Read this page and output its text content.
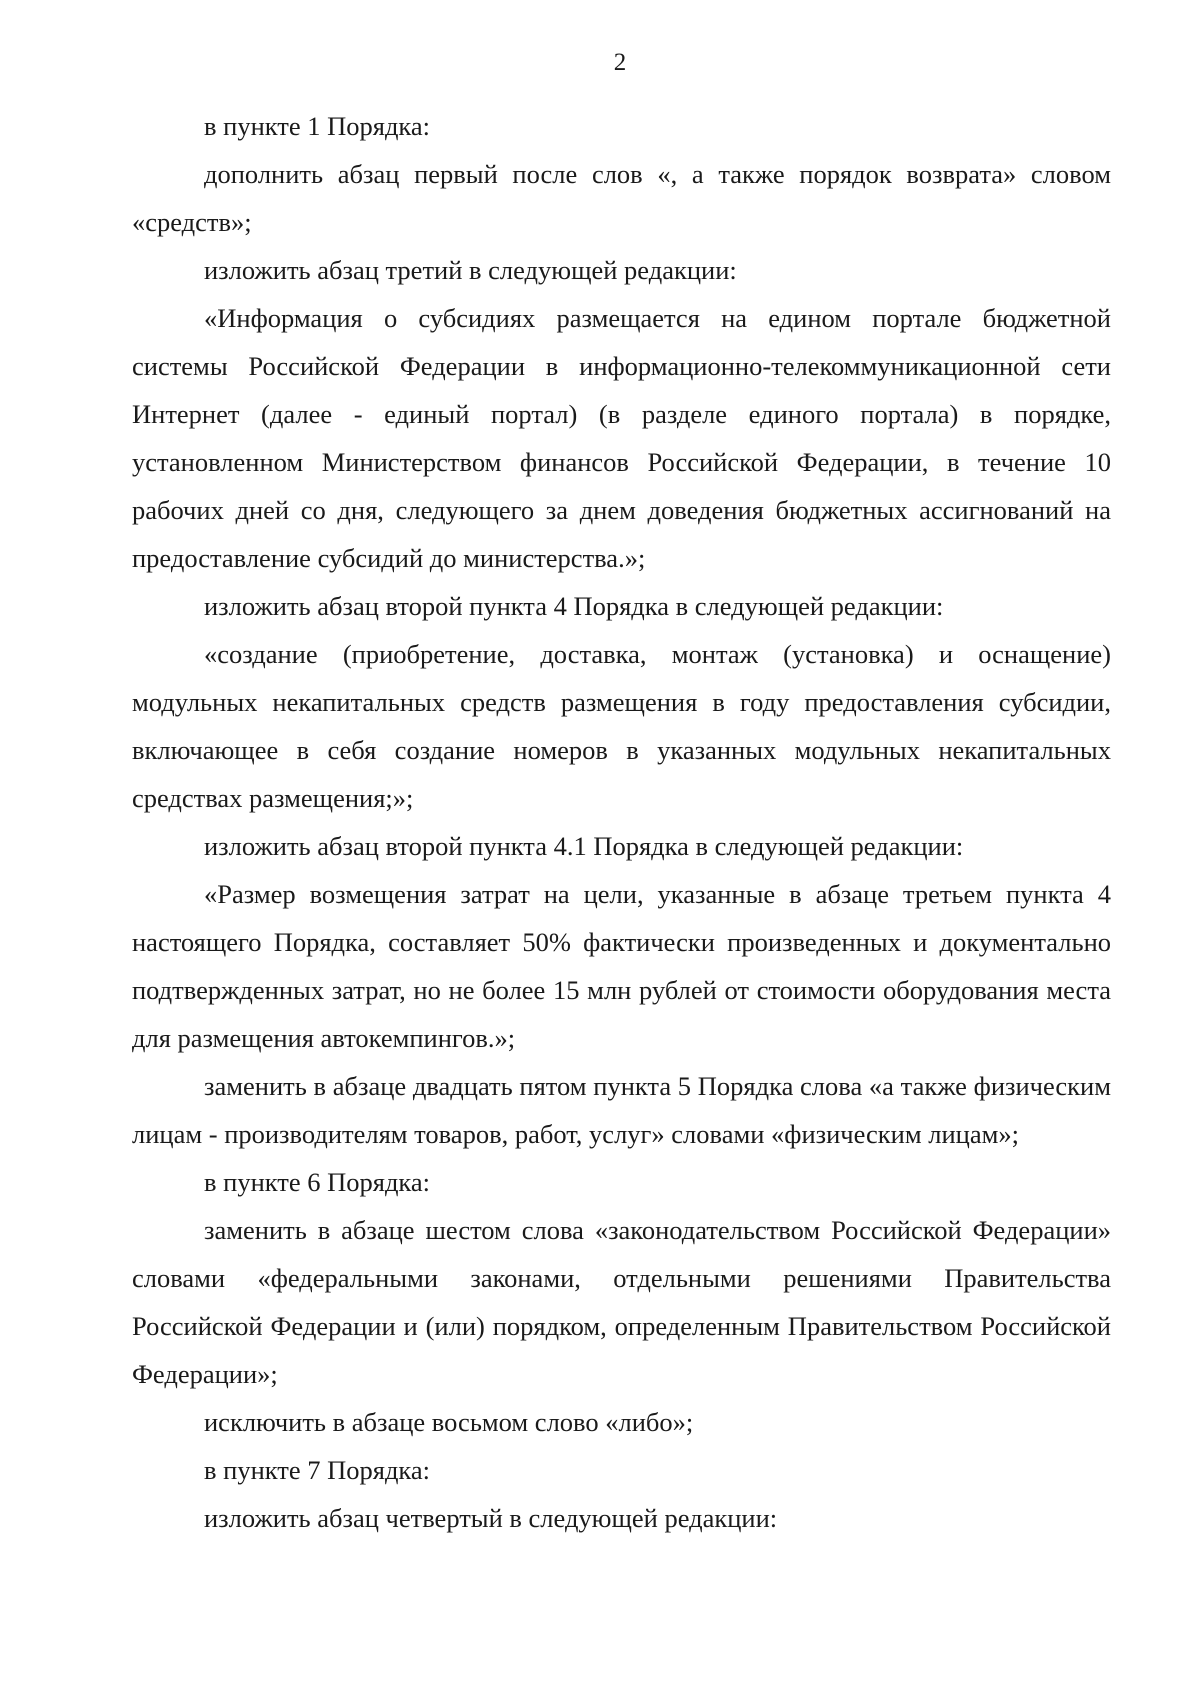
2

в пункте 1 Порядка:

дополнить абзац первый после слов «, а также порядок возврата» словом «средств»;

изложить абзац третий в следующей редакции:

«Информация о субсидиях размещается на едином портале бюджетной системы Российской Федерации в информационно-телекоммуникационной сети Интернет (далее - единый портал) (в разделе единого портала) в порядке, установленном Министерством финансов Российской Федерации, в течение 10 рабочих дней со дня, следующего за днем доведения бюджетных ассигнований на предоставление субсидий до министерства.»;

изложить абзац второй пункта 4 Порядка в следующей редакции:

«создание (приобретение, доставка, монтаж (установка) и оснащение) модульных некапитальных средств размещения в году предоставления субсидии, включающее в себя создание номеров в указанных модульных некапитальных средствах размещения;»;

изложить абзац второй пункта 4.1 Порядка в следующей редакции:

«Размер возмещения затрат на цели, указанные в абзаце третьем пункта 4 настоящего Порядка, составляет 50% фактически произведенных и документально подтвержденных затрат, но не более 15 млн рублей от стоимости оборудования места для размещения автокемпингов.»;

заменить в абзаце двадцать пятом пункта 5 Порядка слова «а также физическим лицам - производителям товаров, работ, услуг» словами «физическим лицам»;

в пункте 6 Порядка:

заменить в абзаце шестом слова «законодательством Российской Федерации» словами «федеральными законами, отдельными решениями Правительства Российской Федерации и (или) порядком, определенным Правительством Российской Федерации»;

исключить в абзаце восьмом слово «либо»;

в пункте 7 Порядка:

изложить абзац четвертый в следующей редакции:
